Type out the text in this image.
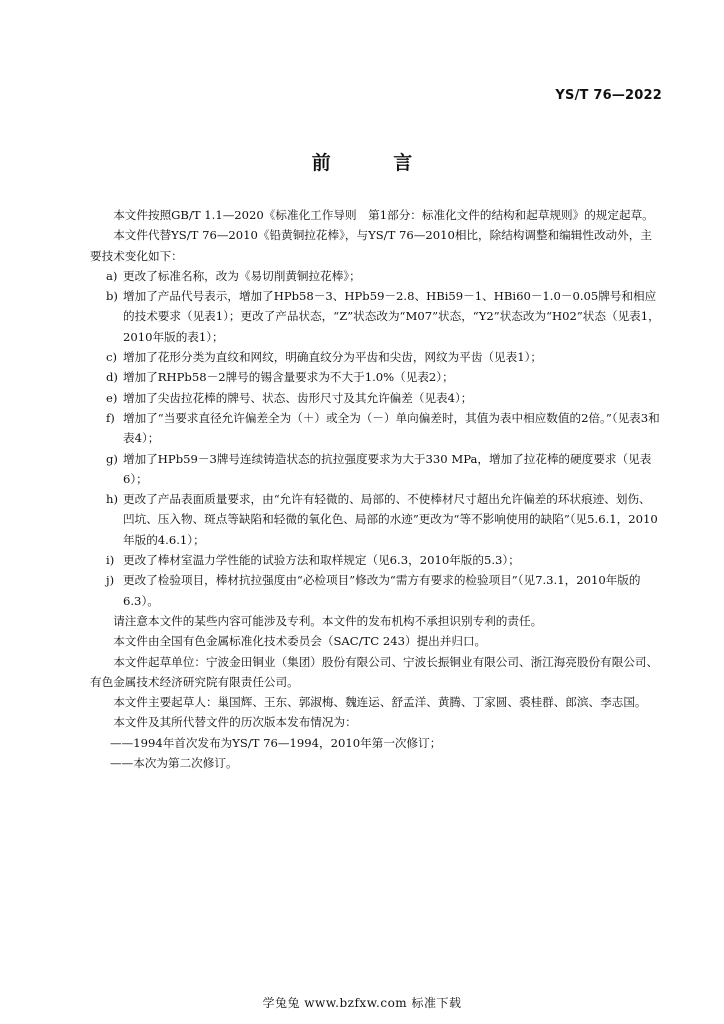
YS/T 76—2022
前 言

本文件按照GB/T 1.1—2020《标准化工作导则　第1部分：标准化文件的结构和起草规则》的规定起草。

本文件代替YS/T 76—2010《铅黄铜拉花棒》，与YS/T 76—2010相比，除结构调整和编辑性改动外，主要技术变化如下：

a) 更改了标准名称，改为《易切削黄铜拉花棒》；

b) 增加了产品代号表示，增加了HPb58－3、HPb59－2.8、HBi59－1、HBi60－1.0－0.05牌号和相应的技术要求（见表1）；更改了产品状态，“Z”状态改为“M07”状态，“Y2”状态改为“H02”状态（见表1，2010年版的表1）；

c) 增加了花形分类为直纹和网纹，明确直纹分为平齿和尖齿，网纹为平齿（见表1）；

d) 增加了RHPb58－2牌号的锡含量要求为不大于1.0%（见表2）；

e) 增加了尖齿拉花棒的牌号、状态、齿形尺寸及其允许偏差（见表4）；

f) 增加了“当要求直径允许偏差全为（＋）或全为（－）单向偏差时，其值为表中相应数值的2倍。”（见表3和表4）；

g) 增加了HPb59－3牌号连续铸造状态的抗拉强度要求为大于330 MPa，增加了拉花棒的硬度要求（见表6）；

h) 更改了产品表面质量要求，由“允许有轻微的、局部的、不使棒材尺寸超出允许偏差的环状痕迹、划伤、凹坑、压入物、斑点等缺陷和轻微的氧化色、局部的水迹”更改为“等不影响使用的缺陷”（见5.6.1，2010年版的4.6.1）；

i) 更改了棒材室温力学性能的试验方法和取样规定（见6.3，2010年版的5.3）；

j) 更改了检验项目，棒材抗拉强度由“必检项目”修改为“需方有要求的检验项目”（见7.3.1，2010年版的6.3）。

请注意本文件的某些内容可能涉及专利。本文件的发布机构不承担识别专利的责任。

本文件由全国有色金属标准化技术委员会（SAC/TC 243）提出并归口。

本文件起草单位：宁波金田铜业（集团）股份有限公司、宁波长振铜业有限公司、浙江海亮股份有限公司、有色金属技术经济研究院有限责任公司。

本文件主要起草人：巢国辉、王东、郭淑梅、魏连运、舒孟洋、黄腾、丁家圆、裘桂群、郎滨、李志国。

本文件及其所代替文件的历次版本发布情况为：

——1994年首次发布为YS/T 76—1994，2010年第一次修订；

——本次为第二次修订。

学兔兔 www.bzfxw.com 标准下载
